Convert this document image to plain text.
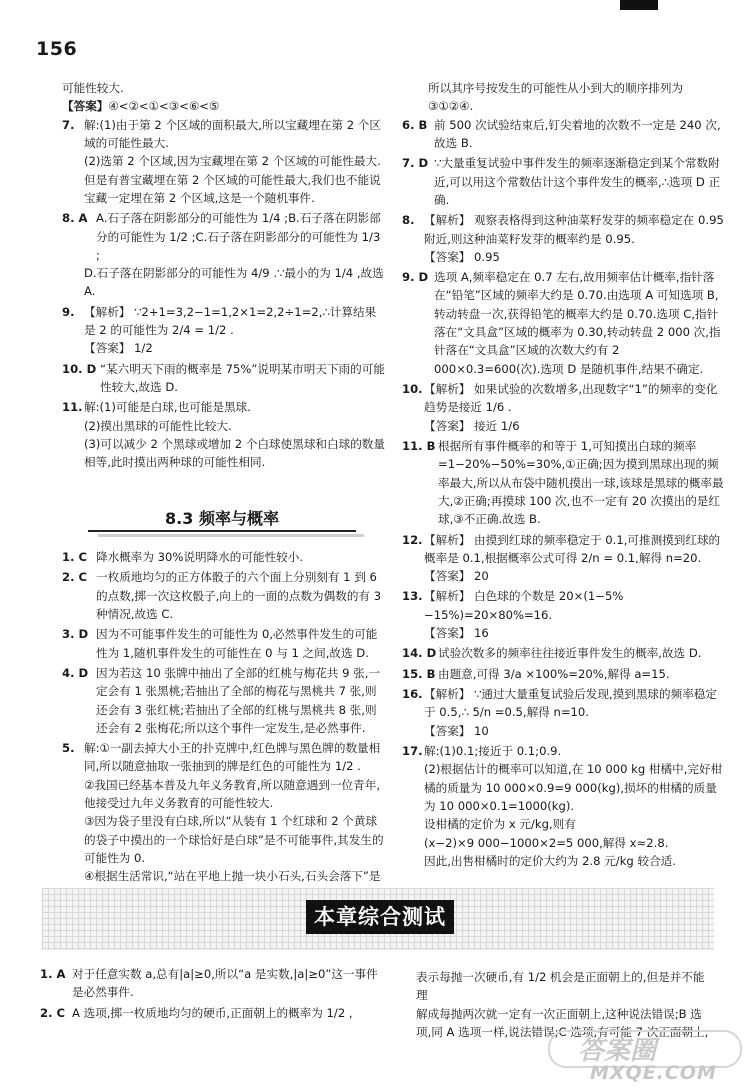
156

可能性较大.

【答案】④<②<①<③<⑥<⑤

7. 解:(1)由于第 2 个区域的面积最大,所以宝藏埋在第 2 个区域的可能性最大.

(2)选第 2 个区域,因为宝藏埋在第 2 个区域的可能性最大.但是有普宝藏埋在第 2 个区域的可能性最大,我们也不能说宝藏一定埋在第 2 个区域,这是一个随机事件.

8. A A.石子落在阴影部分的可能性为 1/4 ;B.石子落在阴影部分的可能性为 1/2 ;C.石子落在阴影部分的可能性为 1/3 ;

D.石子落在阴影部分的可能性为 4/9 .∵最小的为 1/4 ,故选 A.

9. 【解析】 ∵2+1=3,2−1=1,2×1=2,2÷1=2,∴计算结果是 2 的可能性为 2/4 = 1/2 .

【答案】 1/2

10. D “某六明天下雨的概率是 75%”说明某市明天下雨的可能性较大,故选 D.

11. 解:(1)可能是白球,也可能是黑球.

(2)摸出黑球的可能性比较大.

(3)可以减少 2 个黑球或增加 2 个白球使黑球和白球的数量相等,此时摸出两种球的可能性相同.

8.3 频率与概率
1. C 降水概率为 30%说明降水的可能性较小.

2. C 一枚质地均匀的正方体骰子的六个面上分别刻有 1 到 6 的点数,掷一次这枚骰子,向上的一面的点数为偶数的有 3 种情况,故选 C.

3. D 因为不可能事件发生的可能性为 0,必然事件发生的可能性为 1,随机事件发生的可能性在 0 与 1 之间,故选 D.

4. D 因为若这 10 张牌中抽出了全部的红桃与梅花共 9 张,一定会有 1 张黑桃;若抽出了全部的梅花与黑桃共 7 张,则还会有 3 张红桃;若抽出了全部的红桃与黑桃共 8 张,则还会有 2 张梅花;所以这个事件一定发生,是必然事件.

5. 解:①一副去掉大小王的扑克牌中,红色牌与黑色牌的数量相同,所以随意抽取一张抽到的牌是红色的可能性为 1/2 .

②我国已经基本普及九年义务教育,所以随意遇到一位青年,他接受过九年义务教育的可能性较大.

③因为袋子里没有白球,所以“从装有 1 个红球和 2 个黄球的袋子中摸出的一个球恰好是白球”是不可能事件,其发生的可能性为 0.

④根据生活常识,“站在平地上抛一块小石头,石头会落下”是

所以其序号按发生的可能性从小到大的顺序排列为③①②④.

6. B 前 500 次试验结束后,钉尖着地的次数不一定是 240 次,故选 B.

7. D ∵大量重复试验中事件发生的频率逐渐稳定到某个常数附近,可以用这个常数估计这个事件发生的概率,∴选项 D 正确.

8. 【解析】 观察表格得到这种油菜籽发芽的频率稳定在 0.95 附近,则这种油菜籽发芽的概率约是 0.95.

【答案】 0.95

9. D 选项 A,频率稳定在 0.7 左右,故用频率估计概率,指针落在“铅笔”区域的频率大约是 0.70.由选项 A 可知选项 B,转动转盘一次,获得铅笔的概率大约是 0.70.选项 C,指针落在“文具盒”区域的概率为 0.30,转动转盘 2 000 次,指针落在“文具盒”区域的次数大约有 2 000×0.3=600(次).选项 D 是随机事件,结果不确定.

10. 【解析】 如果试验的次数增多,出现数字“1”的频率的变化趋势是接近 1/6 .

【答案】 接近 1/6

11. B 根据所有事件概率的和等于 1,可知摸出白球的频率=1−20%−50%=30%,①正确;因为摸到黑球出现的频率最大,所以从布袋中随机摸出一球,该球是黑球的概率最大,②正确;再摸球 100 次,也不一定有 20 次摸出的是红球,③不正确.故选 B.

12. 【解析】 由摸到红球的频率稳定于 0.1,可推测摸到红球的概率是 0.1,根据概率公式可得 2/n = 0.1,解得 n=20.

【答案】 20

13. 【解析】 白色球的个数是 20×(1−5%−15%)=20×80%=16.

【答案】 16

14. D 试验次数多的频率往往接近事件发生的概率,故选 D.

15. B 由题意,可得 3/a ×100%=20%,解得 a=15.

16. 【解析】 ∵通过大量重复试验后发现,摸到黑球的频率稳定于 0.5,∴ 5/n =0.5,解得 n=10.

【答案】 10

17. 解:(1)0.1;接近于 0.1;0.9.

(2)根据估计的概率可以知道,在 10 000 kg 柑橘中,完好柑橘的质量为 10 000×0.9=9 000(kg),损坏的柑橘的质量为 10 000×0.1=1000(kg).

设柑橘的定价为 x 元/kg,则有

(x−2)×9 000−1000×2=5 000,解得 x≈2.8.

因此,出售柑橘时的定价大约为 2.8 元/kg 较合适.

本章综合测试
1. A 对于任意实数 a,总有|a|≥0,所以“a 是实数,|a|≥0”这一事件是必然事件.

2. C A 选项,掷一枚质地均匀的硬币,正面朝上的概率为 1/2 ,

表示每抛一次硬币,有 1/2 机会是正面朝上的,但是并不能理

解成每抛两次就一定有一次正面朝上,这种说法错误;B 选项,同 A 选项一样,说法错误;C 选项,有可能 7 次正面朝上,

答案圈
MXQE.COM
